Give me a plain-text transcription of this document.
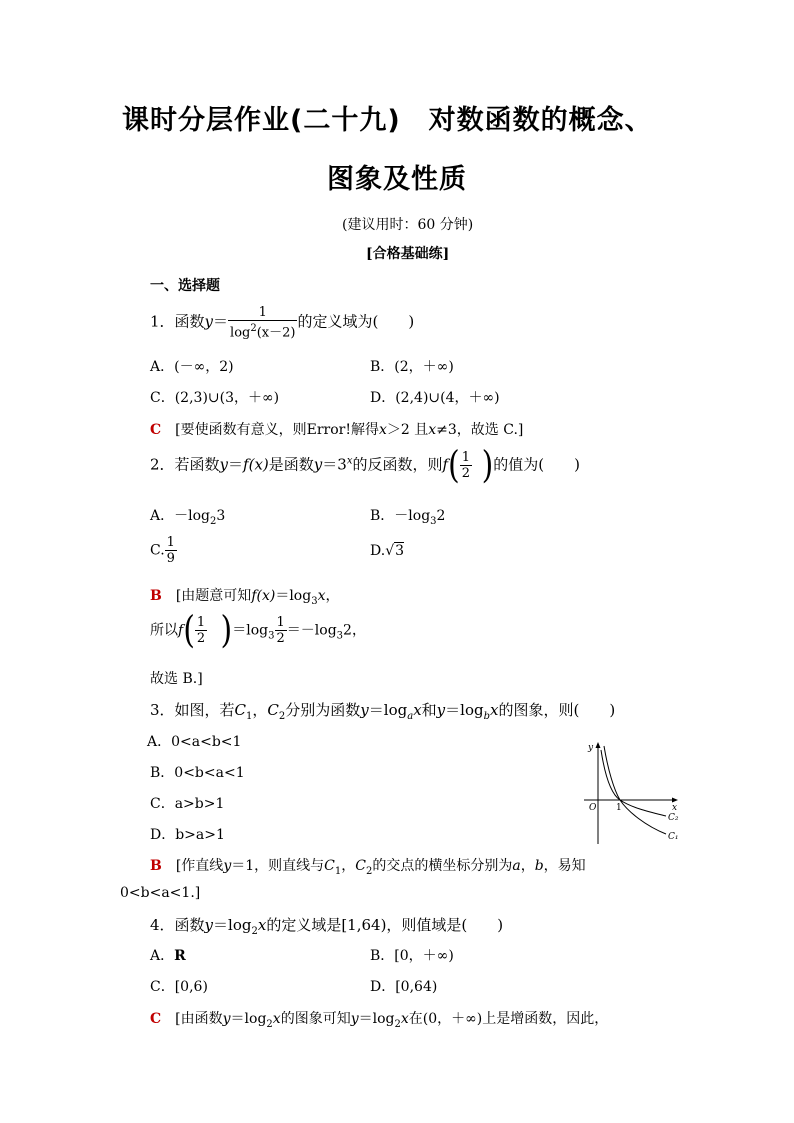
课时分层作业(二十九)　对数函数的概念、
图象及性质
(建议用时：60 分钟)
[合格基础练]
一、选择题
1．函数$y= \frac{1}{\log^2(x-2)}$ 的定义域为(　　)
A．(－∞，2)	B．(2，＋∞)
C．(2,3)∪(3，＋∞)	D．(2,4)∪(4，＋∞)
C　 [要使函数有意义，则Error!解得x＞2 且x≠3，故选 C.]
2．若函数y＝f(x)是函数$y=3^x$的反函数，则$f( \frac{1}{2}$ )的值为(　　)
A．$-\log_23$	B．$-\log_32$
C. $\frac{1}{9}$	D.√3
B　 [由题意可知$f(x)=\log_3x$，
所以$f( \frac{1}{2} )=\log_3 \frac{1}{2} =-\log_32$，
故选 B.]
3．如图，若$C_1$，$C_2$分别为函数$y=\log_ax$和$y=\log_bx$的图象，则(　　)
A．0<a<b<1
B．0<b<a<1
C．a>b>1
D．b>a>1
y
O 1	x
C₂
C₁
B　 [作直线y＝1，则直线与$C_1$，$C_2$的交点的横坐标分别为a，b，易知
0<b<a<1.]
4．函数$y=\log_2x$的定义域是[1,64)，则值域是(　　)
A．R	B．[0，＋∞)
C．[0,6)	D．[0,64)
C　 [由函数$y=\log_2x$的图象可知$y=\log_2x$在(0，＋∞)上是增函数，因此，
